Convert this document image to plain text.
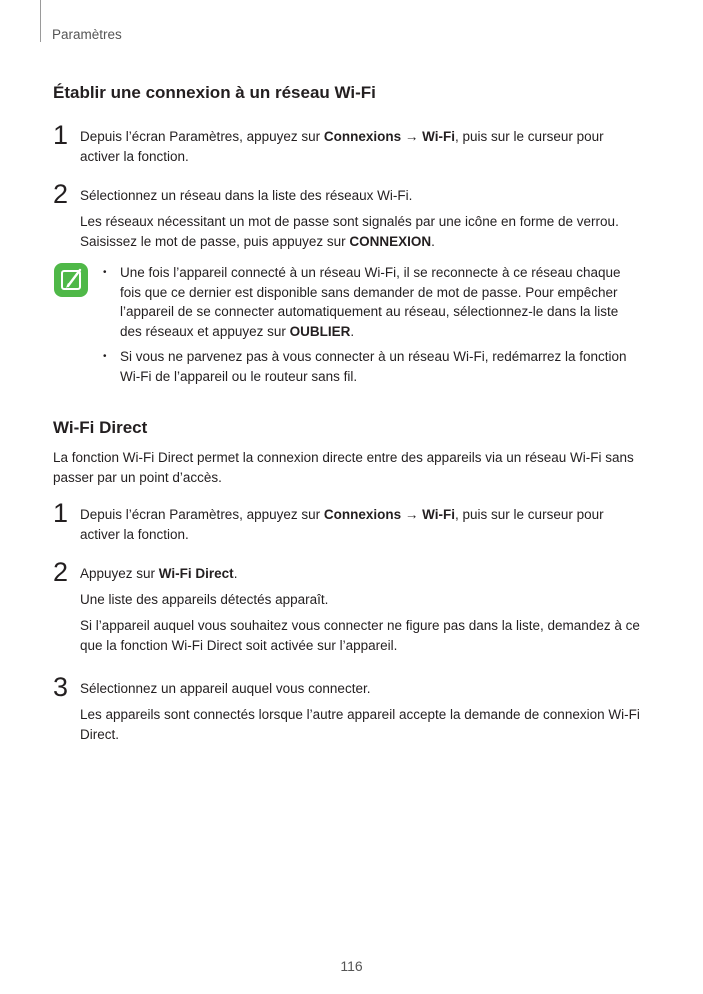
Paramètres
Établir une connexion à un réseau Wi-Fi
1 Depuis l’écran Paramètres, appuyez sur Connexions → Wi-Fi, puis sur le curseur pour activer la fonction.

2 Sélectionnez un réseau dans la liste des réseaux Wi-Fi.

Les réseaux nécessitant un mot de passe sont signalés par une icône en forme de verrou. Saisissez le mot de passe, puis appuyez sur CONNEXION.

• Une fois l’appareil connecté à un réseau Wi-Fi, il se reconnecte à ce réseau chaque fois que ce dernier est disponible sans demander de mot de passe. Pour empêcher l’appareil de se connecter automatiquement au réseau, sélectionnez-le dans la liste des réseaux et appuyez sur OUBLIER.
• Si vous ne parvenez pas à vous connecter à un réseau Wi-Fi, redémarrez la fonction Wi-Fi de l’appareil ou le routeur sans fil.
Wi-Fi Direct
La fonction Wi-Fi Direct permet la connexion directe entre des appareils via un réseau Wi-Fi sans passer par un point d’accès.
1 Depuis l’écran Paramètres, appuyez sur Connexions → Wi-Fi, puis sur le curseur pour activer la fonction.

2 Appuyez sur Wi-Fi Direct.

Une liste des appareils détectés apparaît.

Si l’appareil auquel vous souhaitez vous connecter ne figure pas dans la liste, demandez à ce que la fonction Wi-Fi Direct soit activée sur l’appareil.

3 Sélectionnez un appareil auquel vous connecter.

Les appareils sont connectés lorsque l’autre appareil accepte la demande de connexion Wi-Fi Direct.

116
